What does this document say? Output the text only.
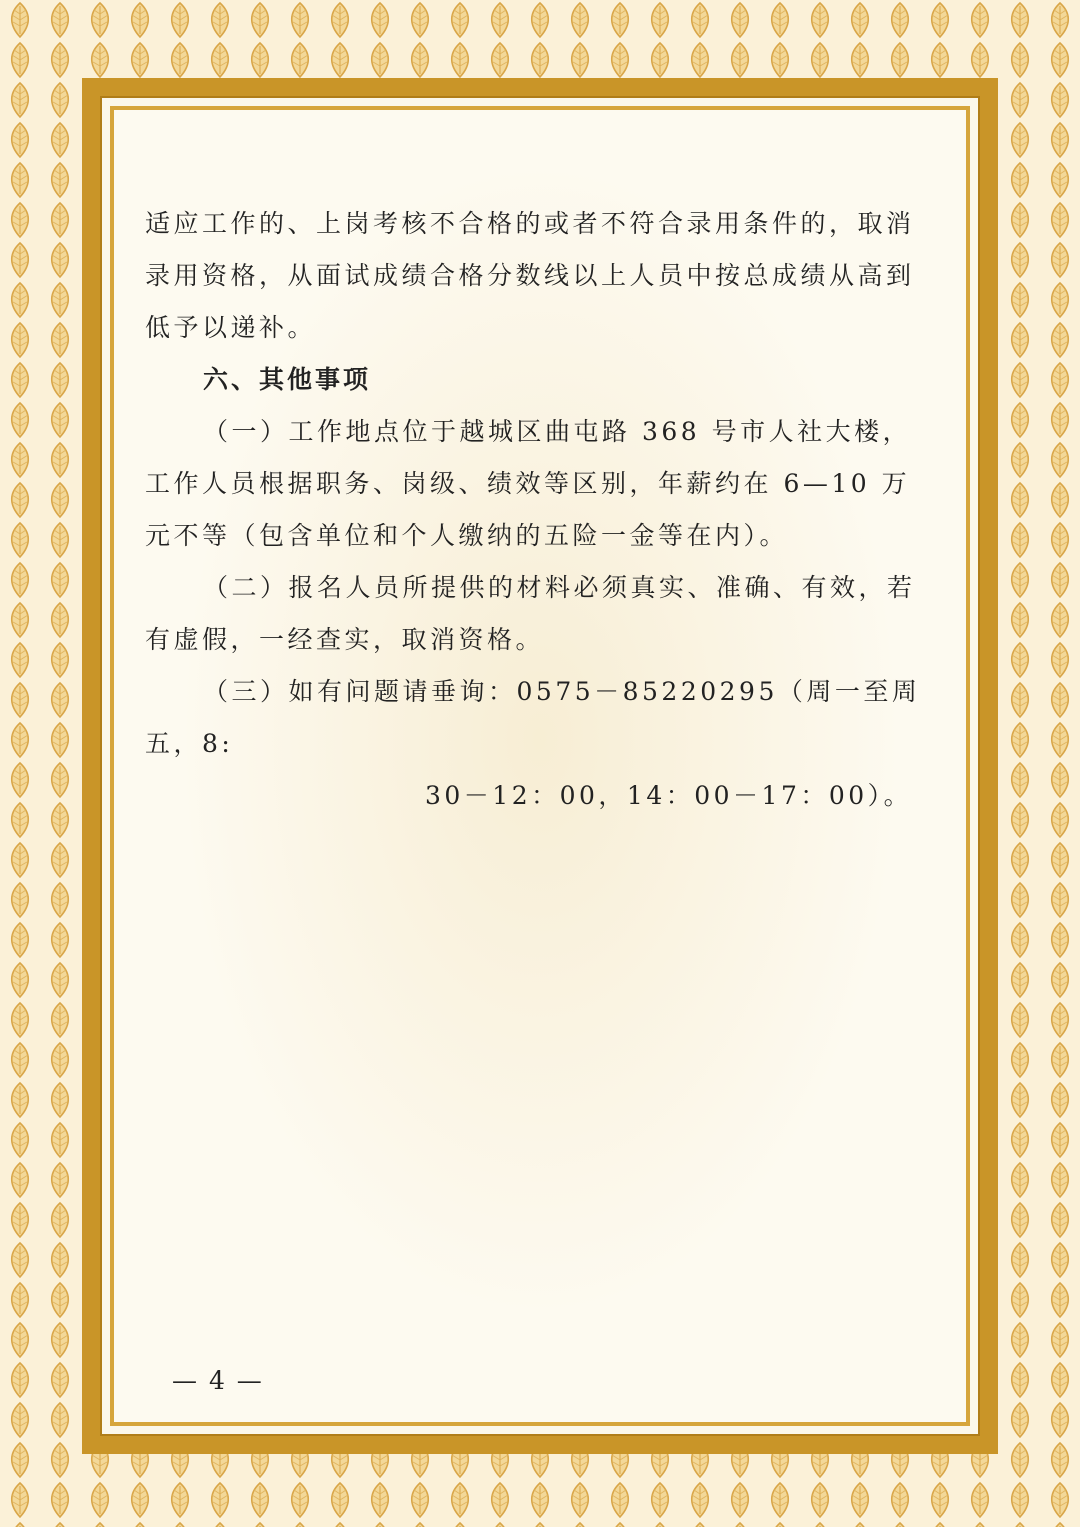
适应工作的、上岗考核不合格的或者不符合录用条件的，取消录用资格，从面试成绩合格分数线以上人员中按总成绩从高到低予以递补。

六、其他事项

（一）工作地点位于越城区曲屯路 368 号市人社大楼，工作人员根据职务、岗级、绩效等区别，年薪约在 6—10 万元不等（包含单位和个人缴纳的五险一金等在内）。

（二）报名人员所提供的材料必须真实、准确、有效，若有虚假，一经查实，取消资格。

（三）如有问题请垂询：0575－85220295（周一至周五，8:

30－12：00，14：00－17：00）。

— 4 —
